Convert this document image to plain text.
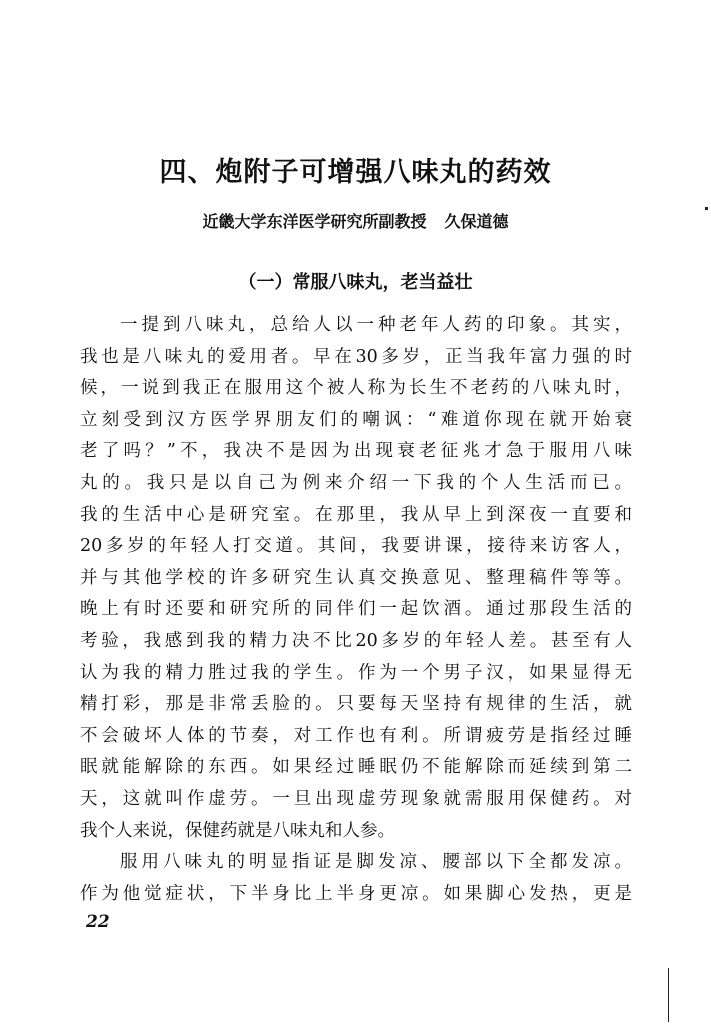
四、炮附子可增强八味丸的药效
近畿大学东洋医学研究所副教授 久保道德
（一）常服八味丸，老当益壮
一提到八味丸，总给人以一种老年人药的印象。其实，
我也是八味丸的爱用者。早在30多岁，正当我年富力强的时
候，一说到我正在服用这个被人称为长生不老药的八味丸时，
立刻受到汉方医学界朋友们的嘲讽：“难道你现在就开始衰
老了吗？”不，我决不是因为出现衰老征兆才急于服用八味
丸的。我只是以自己为例来介绍一下我的个人生活而已。
我的生活中心是研究室。在那里，我从早上到深夜一直要和
20多岁的年轻人打交道。其间，我要讲课，接待来访客人，
并与其他学校的许多研究生认真交换意见、整理稿件等等。
晚上有时还要和研究所的同伴们一起饮酒。通过那段生活的
考验，我感到我的精力决不比20多岁的年轻人差。甚至有人
认为我的精力胜过我的学生。作为一个男子汉，如果显得无
精打彩，那是非常丢脸的。只要每天坚持有规律的生活，就
不会破坏人体的节奏，对工作也有利。所谓疲劳是指经过睡
眠就能解除的东西。如果经过睡眠仍不能解除而延续到第二
天，这就叫作虚劳。一旦出现虚劳现象就需服用保健药。对
我个人来说，保健药就是八味丸和人参。
服用八味丸的明显指证是脚发凉、腰部以下全都发凉。
作为他觉症状，下半身比上半身更凉。如果脚心发热，更是
22
